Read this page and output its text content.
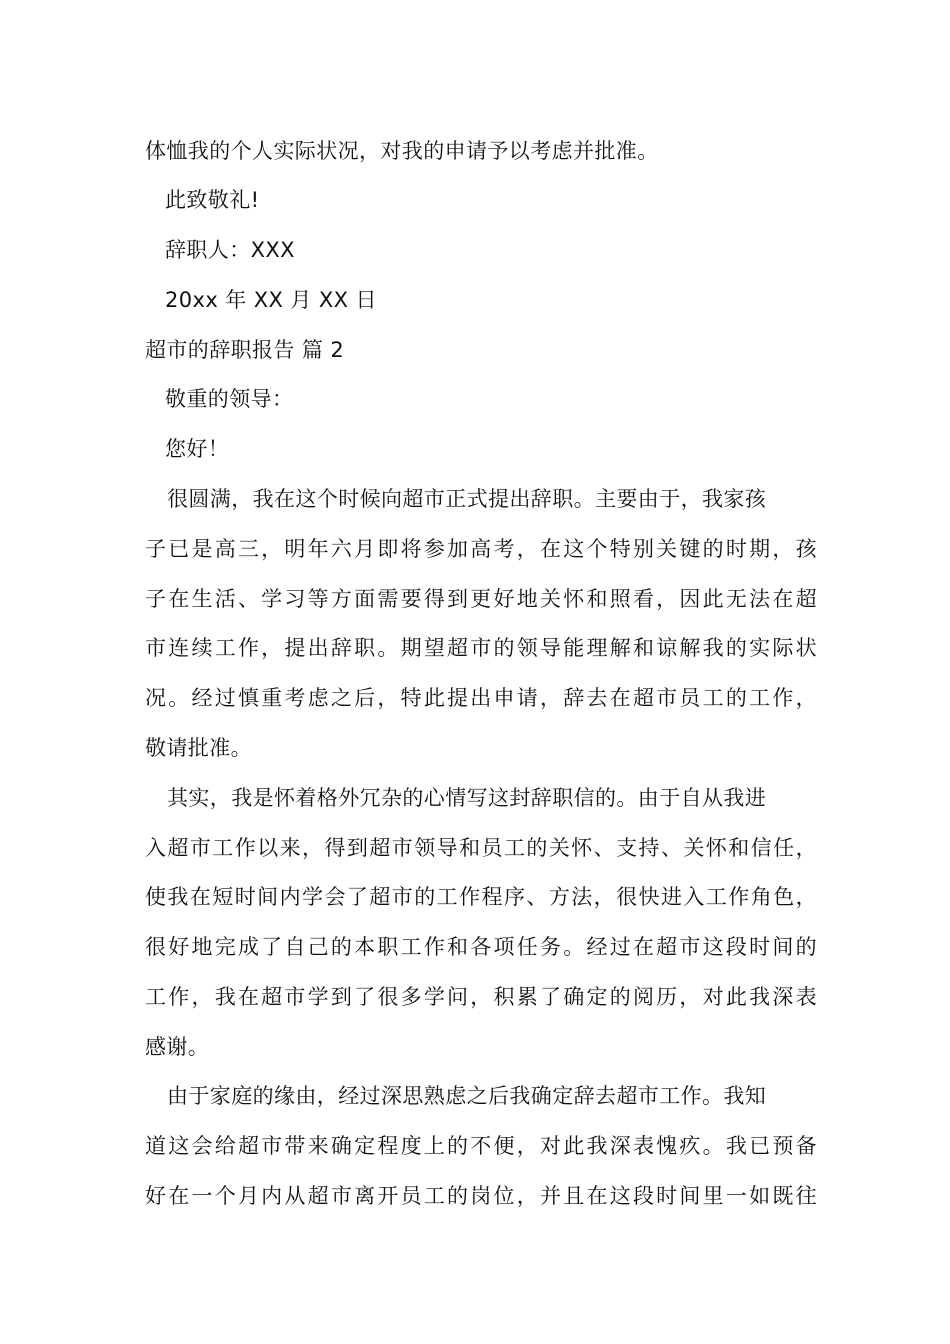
体恤我的个人实际状况，对我的申请予以考虑并批准。
此致敬礼!
辞职人：XXX
20xx 年 XX 月 XX 日
超市的辞职报告 篇 2
敬重的领导：
您好！
很圆满，我在这个时候向超市正式提出辞职。主要由于，我家孩
子已是高三，明年六月即将参加高考，在这个特别关键的时期，孩
子在生活、学习等方面需要得到更好地关怀和照看，因此无法在超
市连续工作，提出辞职。期望超市的领导能理解和谅解我的实际状
况。经过慎重考虑之后，特此提出申请，辞去在超市员工的工作，
敬请批准。
其实，我是怀着格外冗杂的心情写这封辞职信的。由于自从我进
入超市工作以来，得到超市领导和员工的关怀、支持、关怀和信任，
使我在短时间内学会了超市的工作程序、方法，很快进入工作角色，
很好地完成了自己的本职工作和各项任务。经过在超市这段时间的
工作，我在超市学到了很多学问，积累了确定的阅历，对此我深表
感谢。
由于家庭的缘由，经过深思熟虑之后我确定辞去超市工作。我知
道这会给超市带来确定程度上的不便，对此我深表愧疚。我已预备
好在一个月内从超市离开员工的岗位，并且在这段时间里一如既往
